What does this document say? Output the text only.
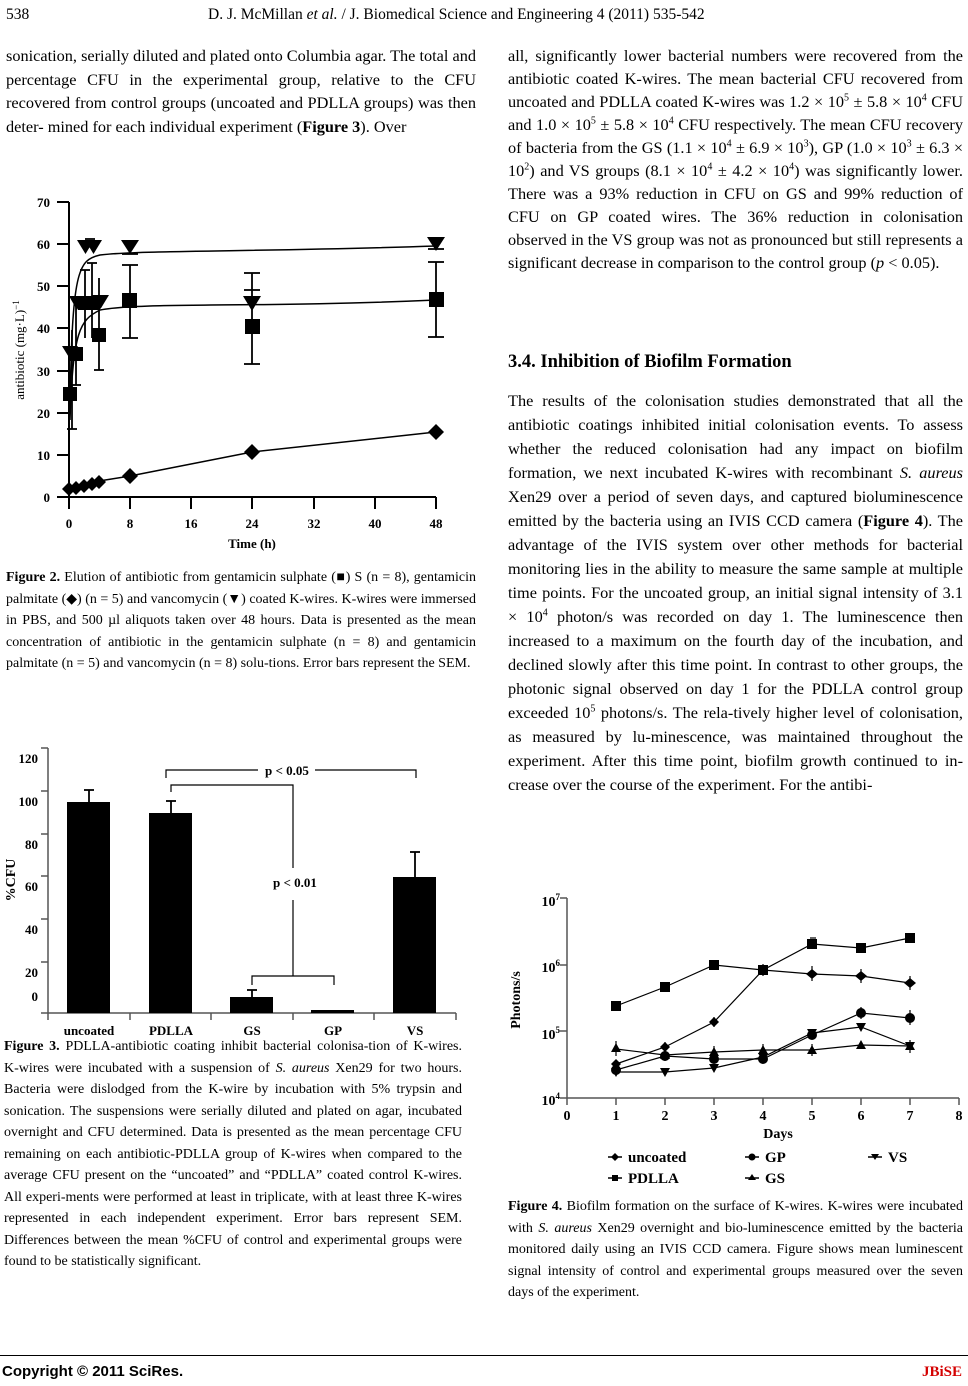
538	D. J. McMillan et al. / J. Biomedical Science and Engineering 4 (2011) 535-542

sonication, serially diluted and plated onto Columbia agar. The total and percentage CFU in the experimental group, relative to the CFU recovered from control groups (uncoated and PDLLA groups) was then deter- mined for each individual experiment (Figure 3). Over

70
60
50
40
30
20
10
0
0	8	16	24	32	40	48
Time (h)
antibiotic $(mg\cdot L)^{-1}$
Figure 2. Elution of antibiotic from gentamicin sulphate (■) S (n = 8), gentamicin palmitate (◆) (n = 5) and vancomycin (▼) coated K-wires. K-wires were immersed in PBS, and 500 µl aliquots taken over 48 hours. Data is presented as the mean concentration of antibiotic in the gentamicin sulphate (n = 8) and gentamicin palmitate (n = 5) and vancomycin (n = 8) solu-tions. Error bars represent the SEM.
120
100
80
60
40
20
0
%CFU
uncoated	PDLLA	GS	GP	VS
p < 0.05
p < 0.01
Figure 3. PDLLA-antibiotic coating inhibit bacterial colonisa-tion of K-wires. K-wires were incubated with a suspension of S. aureus Xen29 for two hours. Bacteria were dislodged from the K-wire by incubation with 5% trypsin and sonication. The suspensions were serially diluted and plated on agar, incubated overnight and CFU determined. Data is presented as the mean percentage CFU remaining on each antibiotic-PDLLA group of K-wires when compared to the average CFU present on the “uncoated” and “PDLLA” coated control K-wires. All experi-ments were performed at least in triplicate, with at least three K-wires represented in each independent experiment. Error bars represent SEM. Differences between the mean %CFU of control and experimental groups were found to be statistically significant.

all, significantly lower bacterial numbers were recovered from the antibiotic coated K-wires. The mean bacterial CFU recovered from uncoated and PDLLA coated K-wires was $1.2 \times 10^5 \pm 5.8 \times 10^4$ CFU and $1.0 \times 10^5 \pm 5.8 \times 10^4$ CFU respectively. The mean CFU recovery of bacteria from the GS $(1.1 \times 10^4 \pm 6.9 \times 10^3)$, GP $(1.0 \times 10^3 \pm 6.3 \times 10^2)$ and VS groups $(8.1 \times 10^4 \pm 4.2 \times 10^4)$ was significantly lower. There was a 93% reduction in CFU on GS and 99% reduction of CFU on GP coated wires. The 36% reduction in colonisation observed in the VS group was not as pronounced but still represents a significant decrease in comparison to the control group (p < 0.05).

3.4. Inhibition of Biofilm Formation

The results of the colonisation studies demonstrated that all the antibiotic coatings inhibited initial colonisation events. To assess whether the reduced colonisation had any impact on biofilm formation, we next incubated K-wires with recombinant S. aureus Xen29 over a period of seven days, and captured bioluminescence emitted by the bacteria using an IVIS CCD camera (Figure 4). The advantage of the IVIS system over other methods for bacterial monitoring lies in the ability to measure the same sample at multiple time points. For the uncoated group, an initial signal intensity of $3.1 \times 10^4$ photon/s was recorded on day 1. The luminescence then increased to a maximum on the fourth day of the incubation, and declined slowly after this time point. In contrast to other groups, the photonic signal observed on day 1 for the PDLLA control group exceeded $10^5$ photons/s. The rela-tively higher level of colonisation, as measured by lu-minescence, was maintained throughout the experiment. After this time point, biofilm growth continued to in-crease over the course of the experiment. For the antibi-

$10^7$
$10^6$
$10^5$
$10^4$
0	1	2	3	4	5	6	7	8
Days
Photons/s
uncoated	GP	VS
PDLLA	GS
Figure 4. Biofilm formation on the surface of K-wires. K-wires were incubated with S. aureus Xen29 overnight and bio-luminescence emitted by the bacteria monitored daily using an IVIS CCD camera. Figure shows mean luminescent signal intensity of control and experimental groups measured over the seven days of the experiment.
Copyright © 2011 SciRes.	JBiSE
